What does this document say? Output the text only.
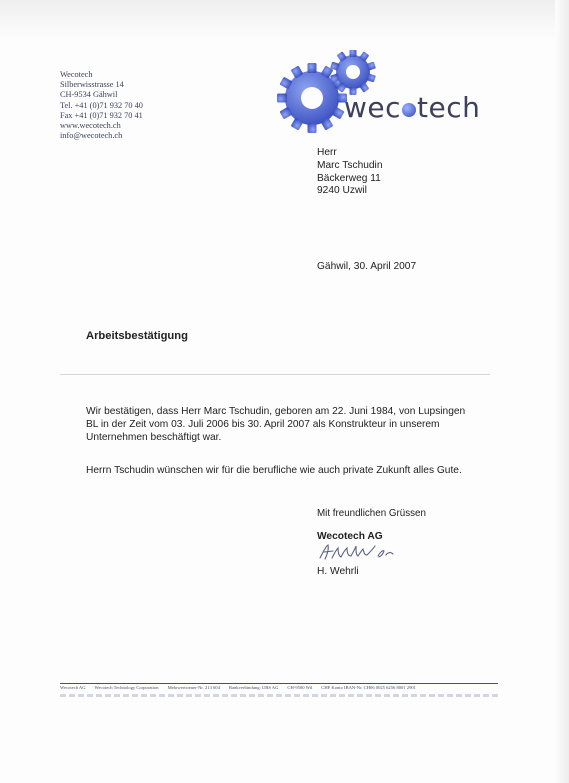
Wecotech
Silberwisstrasse 14
CH-9534 Gähwil
Tel. +41 (0)71 932 70 40
Fax +41 (0)71 932 70 41
www.wecotech.ch
info@wecotech.ch
wec tech
Herr
Marc Tschudin
Bäckerweg 11
9240 Uzwil
Gähwil, 30. April 2007
Arbeitsbestätigung
Wir bestätigen, dass Herr Marc Tschudin, geboren am 22. Juni 1984, von Lupsingen
BL in der Zeit vom 03. Juli 2006 bis 30. April 2007 als Konstrukteur in unserem
Unternehmen beschäftigt war.
Herrn Tschudin wünschen wir für die berufliche wie auch private Zukunft alles Gute.
Mit freundlichen Grüssen
Wecotech AG
H. Wehrli
Wecotech AG Wecotech Technology Corporation Mehrwertsteuer-Nr. 213 604 Bankverbindung: UBS AG CH-9500 Wil CHF Konto IBAN-Nr. CH06 0025 6256 8001 2901
